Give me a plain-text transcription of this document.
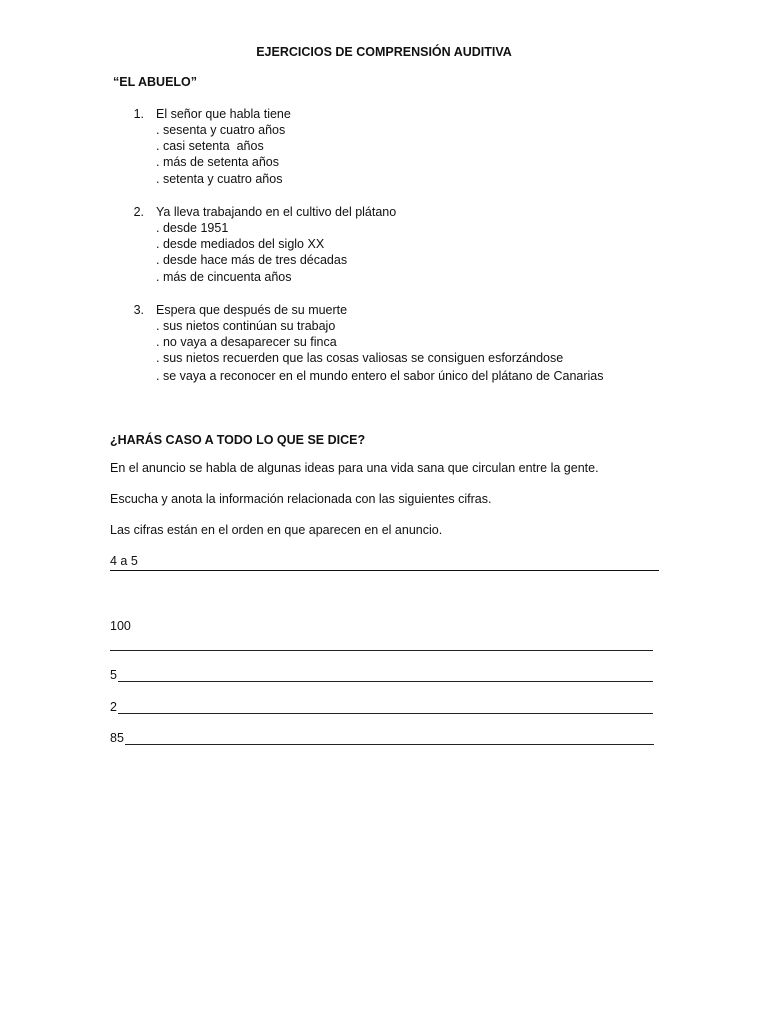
EJERCICIOS DE COMPRENSIÓN AUDITIVA
“EL ABUELO”
1. El señor que habla tiene
. sesenta y cuatro años
. casi setenta  años
. más de setenta años
. setenta y cuatro años
2. Ya lleva trabajando en el cultivo del plátano
. desde 1951
. desde mediados del siglo XX
. desde hace más de tres décadas
. más de cincuenta años
3. Espera que después de su muerte
. sus nietos continúan su trabajo
. no vaya a desaparecer su finca
. sus nietos recuerden que las cosas valiosas se consiguen esforzándose
. se vaya a reconocer en el mundo entero el sabor único del plátano de Canarias
¿HARÁS CASO A TODO LO QUE SE DICE?
En el anuncio se habla de algunas ideas para una vida sana que circulan entre la gente.
Escucha y anota la información relacionada con las siguientes cifras.
Las cifras están en el orden en que aparecen en el anuncio.
4 a 5
100
5
2
85
